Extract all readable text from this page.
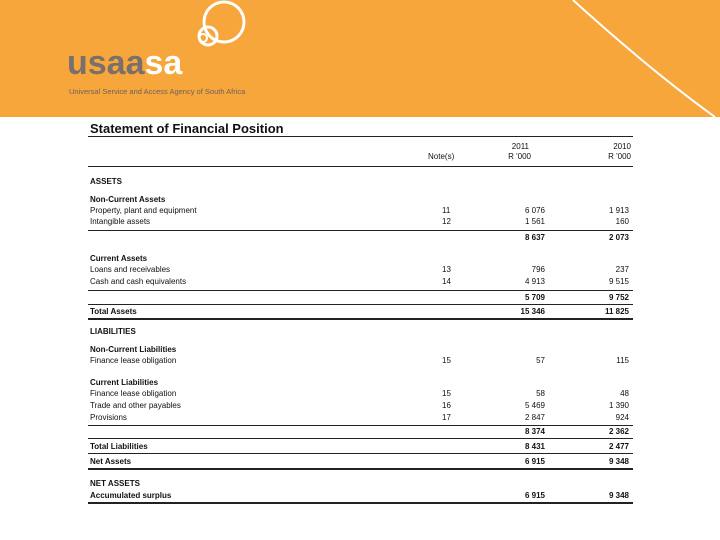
usaasa
Universal Service and Access Agency of South Africa
Statement of Financial Position
Note(s)
2011
R '000
2010
R '000
ASSETS
Non-Current Assets
Property, plant and equipment	11	6 076	1 913
Intangible assets	12	1 561	160
8 637	2 073
Current Assets
Loans and receivables	13	796	237
Cash and cash equivalents	14	4 913	9 515
5 709	9 752
Total Assets	15 346	11 825
LIABILITIES
Non-Current Liabilities
Finance lease obligation	15	57	115
Current Liabilities
Finance lease obligation	15	58	48
Trade and other payables	16	5 469	1 390
Provisions	17	2 847	924
8 374	2 362
Total Liabilities	8 431	2 477
Net Assets	6 915	9 348
NET ASSETS
Accumulated surplus	6 915	9 348
